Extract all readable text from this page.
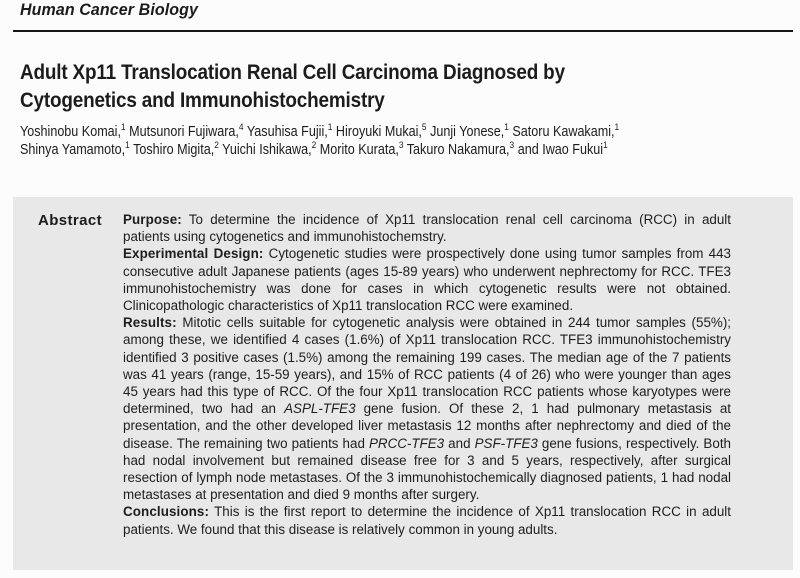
Human Cancer Biology
Adult Xp11 Translocation Renal Cell Carcinoma Diagnosed by
Cytogenetics and Immunohistochemistry
Yoshinobu Komai,$^1$ Mutsunori Fujiwara,$^4$ Yasuhisa Fujii,$^1$ Hiroyuki Mukai,$^5$ Junji Yonese,$^1$ Satoru Kawakami,$^1$
Shinya Yamamoto,$^1$ Toshiro Migita,$^2$ Yuichi Ishikawa,$^2$ Morito Kurata,$^3$ Takuro Nakamura,$^3$ and Iwao Fukui$^1$
Abstract Purpose: To determine the incidence of Xp11 translocation renal cell carcinoma (RCC) in adult patients using cytogenetics and immunohistochemstry.

Experimental Design: Cytogenetic studies were prospectively done using tumor samples from 443 consecutive adult Japanese patients (ages 15-89 years) who underwent nephrectomy for RCC. TFE3 immunohistochemistry was done for cases in which cytogenetic results were not obtained. Clinicopathologic characteristics of Xp11 translocation RCC were examined.

Results: Mitotic cells suitable for cytogenetic analysis were obtained in 244 tumor samples (55%); among these, we identified 4 cases (1.6%) of Xp11 translocation RCC. TFE3 immunohistochemistry identified 3 positive cases (1.5%) among the remaining 199 cases. The median age of the 7 patients was 41 years (range, 15-59 years), and 15% of RCC patients (4 of 26) who were younger than ages 45 years had this type of RCC. Of the four Xp11 translocation RCC patients whose karyotypes were determined, two had an ASPL-TFE3 gene fusion. Of these 2, 1 had pulmonary metastasis at presentation, and the other developed liver metastasis 12 months after nephrectomy and died of the disease. The remaining two patients had PRCC-TFE3 and PSF-TFE3 gene fusions, respectively. Both had nodal involvement but remained disease free for 3 and 5 years, respectively, after surgical resection of lymph node metastases. Of the 3 immunohistochemically diagnosed patients, 1 had nodal metastases at presentation and died 9 months after surgery.

Conclusions: This is the first report to determine the incidence of Xp11 translocation RCC in adult patients. We found that this disease is relatively common in young adults.
